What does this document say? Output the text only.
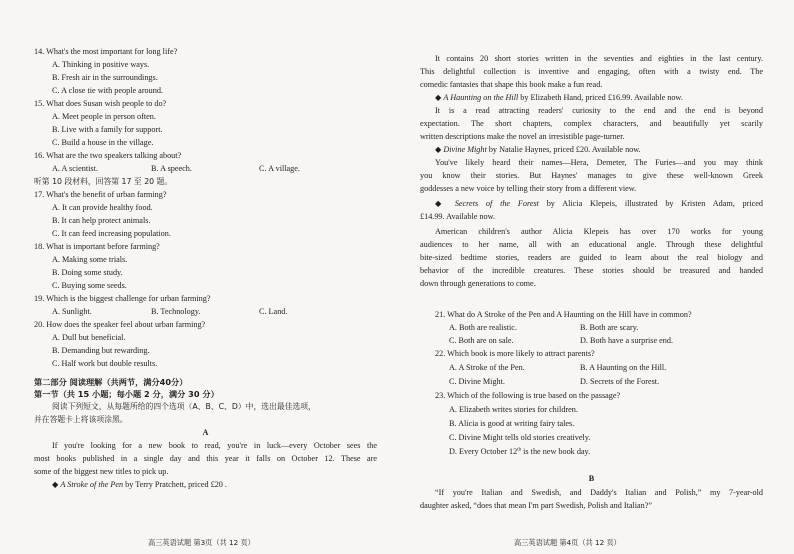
14. What's the most important for long life?
A. Thinking in positive ways.
B. Fresh air in the surroundings.
C. A close tie with people around.
15. What does Susan wish people to do?
A. Meet people in person often.
B. Live with a family for support.
C. Build a house in the village.
16. What are the two speakers talking about?
A. A scientist.	B. A speech.	C. A village.
听第 10 段材料，回答第 17 至 20 题。
17. What's the benefit of urban farming?
A. It can provide healthy food.
B. It can help protect animals.
C. It can feed increasing population.
18. What is important before farming?
A. Making some trials.
B. Doing some study.
C. Buying some seeds.
19. Which is the biggest challenge for urban farming?
A. Sunlight.	B. Technology.	C. Land.
20. How does the speaker feel about urban farming?
A. Dull but beneficial.
B. Demanding but rewarding.
C. Half work but double results.
第二部分 阅读理解（共两节，满分40分）
第一节（共 15 小题；每小题 2 分，满分 30 分）
阅读下列短文，从每题所给的四个选项（A、B、C、D）中，选出最佳选项，
并在答题卡上将该项涂黑。
A
If you're looking for a new book to read, you're in luck—every October sees the
most books published in a single day and this year it falls on October 12. These are
some of the biggest new titles to pick up.
◆ A Stroke of the Pen by Terry Pratchett, priced £20 .
高三英语试题 第3页（共 12 页）
It contains 20 short stories written in the seventies and eighties in the last century.
This delightful collection is inventive and engaging, often with a twisty end. The
comedic fantasies that shape this book make a fun read.
◆ A Haunting on the Hill by Elizabeth Hand, priced £16.99. Available now.
It is a read attracting readers' curiosity to the end and the end is beyond
expectation. The short chapters, complex characters, and beautifully yet scarily
written descriptions make the novel an irresistible page-turner.
◆ Divine Might by Natalie Haynes, priced £20. Available now.
You've likely heard their names—Hera, Demeter, The Furies—and you may think
you know their stories. But Haynes' manages to give these well-known Greek
goddesses a new voice by telling their story from a different view.
◆ Secrets of the Forest by Alicia Klepeis, illustrated by Kristen Adam, priced
£14.99. Available now.
American children's author Alicia Klepeis has over 170 works for young
audiences to her name, all with an educational angle. Through these delightful
bite-sized bedtime stories, readers are guided to learn about the real biology and
behavior of the incredible creatures. These stories should be treasured and handed
down through generations to come.
21. What do A Stroke of the Pen and A Haunting on the Hill have in common?
A. Both are realistic.	B. Both are scary.
C. Both are on sale.	D. Both have a surprise end.
22. Which book is more likely to attract parents?
A. A Stroke of the Pen.	B. A Haunting on the Hill.
C. Divine Might.	D. Secrets of the Forest.
23. Which of the following is true based on the passage?
A. Elizabeth writes stories for children.
B. Alicia is good at writing fairy tales.
C. Divine Might tells old stories creatively.
D. Every October 12th is the new book day.
B
“If you're Italian and Swedish, and Daddy's Italian and Polish,” my 7-year-old
daughter asked, “does that mean I'm part Swedish, Polish and Italian?”
高三英语试题 第4页（共 12 页）
